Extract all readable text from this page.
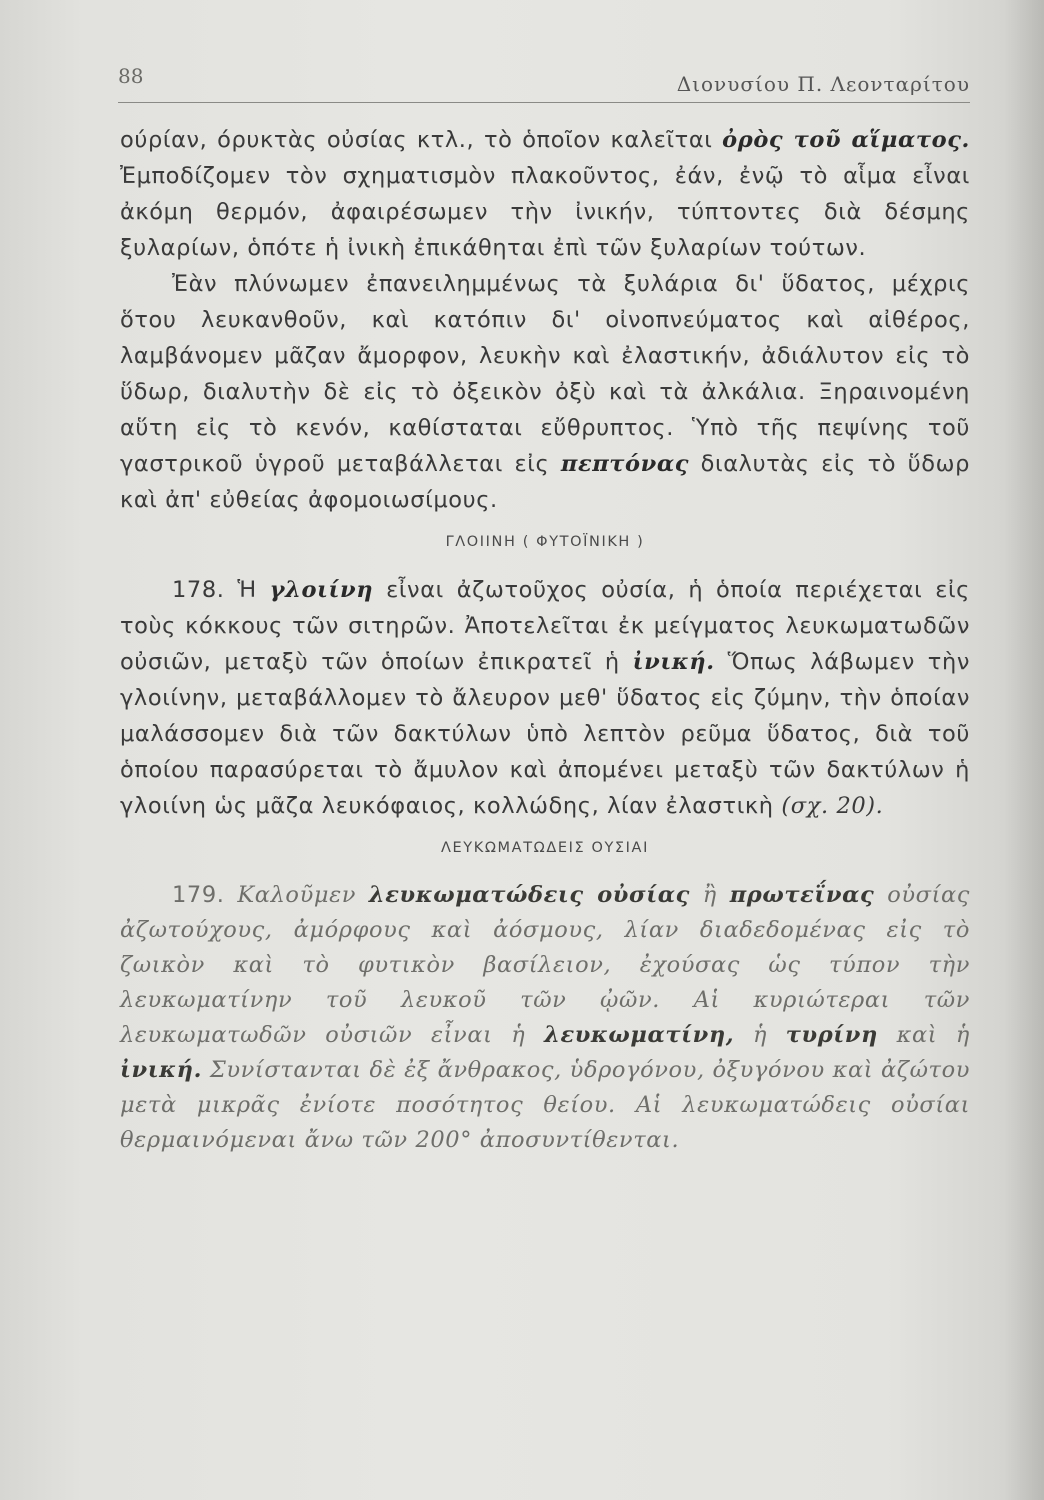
88	Διονυσίου Π. Λεονταρίτου

ούρίαν, όρυκτὰς οὐσίας κτλ., τὸ ὁποῖον καλεῖται ὀρὸς τοῦ αἵματος. Ἐμποδίζομεν τὸν σχηματισμὸν πλακοῦντος, ἐάν, ἐνῷ τὸ αἷμα εἶναι ἀκόμη θερμόν, ἀφαιρέσωμεν τὴν ἰνικήν, τύπτοντες διὰ δέσμης ξυλαρίων, ὁπότε ἡ ἰνικὴ ἐπικάθηται ἐπὶ τῶν ξυλαρίων τούτων.

Ἐὰν πλύνωμεν ἐπανειλημμένως τὰ ξυλάρια δι' ὕδατος, μέχρις ὅτου λευκανθοῦν, καὶ κατόπιν δι' οἰνοπνεύματος καὶ αἰθέρος, λαμβάνομεν μᾶζαν ἄμορφον, λευκὴν καὶ ἐλαστικήν, ἀδιάλυτον εἰς τὸ ὕδωρ, διαλυτὴν δὲ εἰς τὸ ὀξεικὸν ὀξὺ καὶ τὰ ἀλκάλια. Ξηραινομένη αὕτη εἰς τὸ κενόν, καθίσταται εὔθρυπτος. Ὑπὸ τῆς πεψίνης τοῦ γαστρικοῦ ὑγροῦ μεταβάλλεται εἰς πεπτόνας διαλυτὰς εἰς τὸ ὕδωρ καὶ ἀπ' εὐθείας ἀφομοιωσίμους.

ΓΛΟΙΙΝΗ ( ΦΥΤΟΪΝΙΚΗ )

178. Ἡ γλοιίνη εἶναι ἀζωτοῦχος οὐσία, ἡ ὁποία περιέχεται εἰς τοὺς κόκκους τῶν σιτηρῶν. Ἀποτελεῖται ἐκ μείγματος λευκωματωδῶν οὐσιῶν, μεταξὺ τῶν ὁποίων ἐπικρατεῖ ἡ ἰνική. Ὅπως λάβωμεν τὴν γλοιίνην, μεταβάλλομεν τὸ ἄλευρον μεθ' ὕδατος εἰς ζύμην, τὴν ὁποίαν μαλάσσομεν διὰ τῶν δακτύλων ὑπὸ λεπτὸν ρεῦμα ὕδατος, διὰ τοῦ ὁποίου παρασύρεται τὸ ἄμυλον καὶ ἀπομένει μεταξὺ τῶν δακτύλων ἡ γλοιίνη ὡς μᾶζα λευκόφαιος, κολλώδης, λίαν ἐλαστικὴ (σχ. 20).

ΛΕΥΚΩΜΑΤΩΔΕΙΣ ΟΥΣΙΑΙ

179. Καλοῦμεν λευκωματώδεις οὐσίας ἢ πρωτεΐνας οὐσίας ἀζωτούχους, ἀμόρφους καὶ ἀόσμους, λίαν διαδεδομένας εἰς τὸ ζωικὸν καὶ τὸ φυτικὸν βασίλειον, ἐχούσας ὡς τύπον τὴν λευκωματίνην τοῦ λευκοῦ τῶν ᾠῶν. Αἱ κυριώτεραι τῶν λευκωματωδῶν οὐσιῶν εἶναι ἡ λευκωματίνη, ἡ τυρίνη καὶ ἡ ἰνική. Συνίστανται δὲ ἐξ ἄνθρακος, ὑδρογόνου, ὀξυγόνου καὶ ἀζώτου μετὰ μικρᾶς ἐνίοτε ποσότητος θείου. Αἱ λευκωματώδεις οὐσίαι θερμαινόμεναι ἄνω τῶν 200° ἀποσυντίθενται.
